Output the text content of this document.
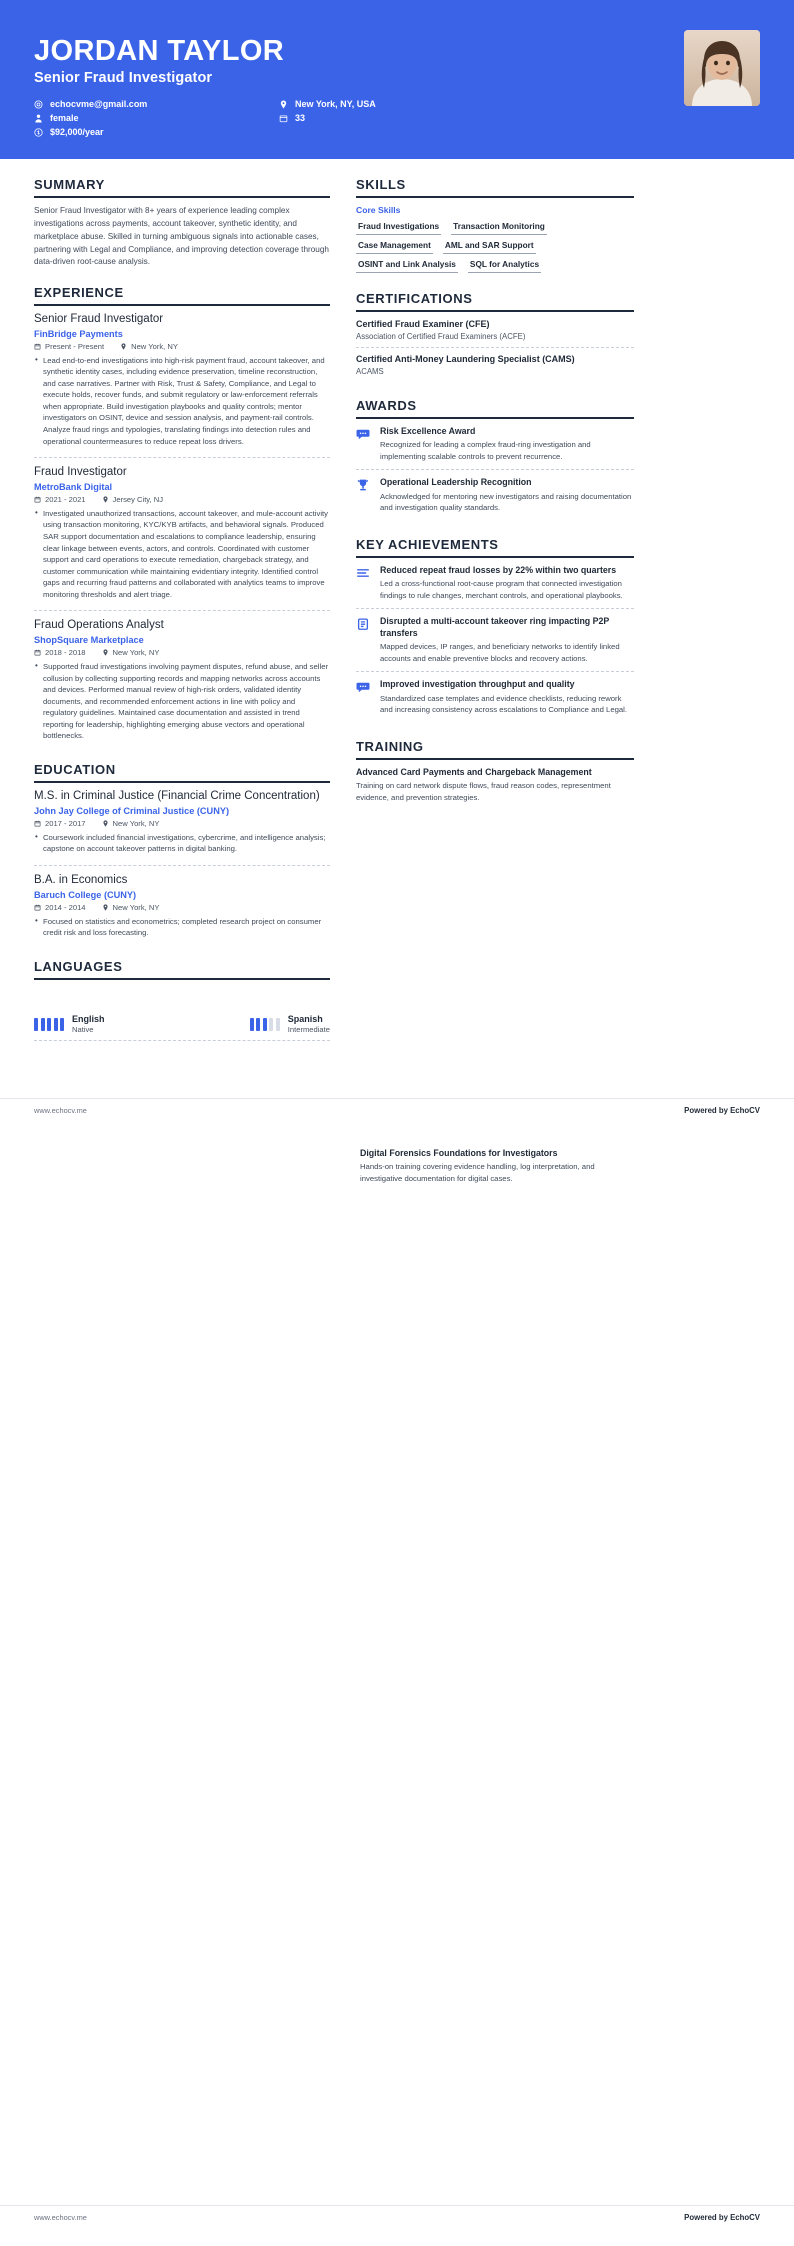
JORDAN TAYLOR
Senior Fraud Investigator
echocvme@gmail.com
female
$92,000/year
New York, NY, USA
33
SUMMARY
Senior Fraud Investigator with 8+ years of experience leading complex investigations across payments, account takeover, synthetic identity, and marketplace abuse. Skilled in turning ambiguous signals into actionable cases, partnering with Legal and Compliance, and improving detection coverage through data-driven root-cause analysis.
EXPERIENCE
Senior Fraud Investigator
FinBridge Payments
Present - Present	New York, NY
• Lead end-to-end investigations into high-risk payment fraud, account takeover, and synthetic identity cases, including evidence preservation, timeline reconstruction, and case narratives. Partner with Risk, Trust & Safety, Compliance, and Legal to execute holds, recover funds, and submit regulatory or law-enforcement referrals when appropriate. Build investigation playbooks and quality controls; mentor investigators on OSINT, device and session analysis, and payment-rail controls. Analyze fraud rings and typologies, translating findings into detection rules and operational countermeasures to reduce repeat loss drivers.
Fraud Investigator
MetroBank Digital
2021 - 2021	Jersey City, NJ
• Investigated unauthorized transactions, account takeover, and mule-account activity using transaction monitoring, KYC/KYB artifacts, and behavioral signals. Produced SAR support documentation and escalations to compliance leadership, ensuring clear linkage between events, actors, and controls. Coordinated with customer support and card operations to execute remediation, chargeback strategy, and customer communication while maintaining evidentiary integrity. Identified control gaps and recurring fraud patterns and collaborated with analytics teams to improve monitoring thresholds and alert triage.
Fraud Operations Analyst
ShopSquare Marketplace
2018 - 2018	New York, NY
• Supported fraud investigations involving payment disputes, refund abuse, and seller collusion by collecting supporting records and mapping networks across accounts and devices. Performed manual review of high-risk orders, validated identity documents, and recommended enforcement actions in line with policy and regulatory guidelines. Maintained case documentation and assisted in trend reporting for leadership, highlighting emerging abuse vectors and operational bottlenecks.
EDUCATION
M.S. in Criminal Justice (Financial Crime Concentration)
John Jay College of Criminal Justice (CUNY)
2017 - 2017	New York, NY
• Coursework included financial investigations, cybercrime, and intelligence analysis; capstone on account takeover patterns in digital banking.
B.A. in Economics
Baruch College (CUNY)
2014 - 2014	New York, NY
• Focused on statistics and econometrics; completed research project on consumer credit risk and loss forecasting.
LANGUAGES
English
Native
Spanish
Intermediate
SKILLS
Core Skills
Fraud Investigations Transaction Monitoring
Case Management AML and SAR Support
OSINT and Link Analysis SQL for Analytics
CERTIFICATIONS
Certified Fraud Examiner (CFE)
Association of Certified Fraud Examiners (ACFE)
Certified Anti-Money Laundering Specialist (CAMS)
ACAMS
AWARDS
Risk Excellence Award
Recognized for leading a complex fraud-ring investigation and implementing scalable controls to prevent recurrence.
Operational Leadership Recognition
Acknowledged for mentoring new investigators and raising documentation and investigation quality standards.
KEY ACHIEVEMENTS
Reduced repeat fraud losses by 22% within two quarters
Led a cross-functional root-cause program that connected investigation findings to rule changes, merchant controls, and operational playbooks.
Disrupted a multi-account takeover ring impacting P2P transfers
Mapped devices, IP ranges, and beneficiary networks to identify linked accounts and enable preventive blocks and recovery actions.
Improved investigation throughput and quality
Standardized case templates and evidence checklists, reducing rework and increasing consistency across escalations to Compliance and Legal.
TRAINING
Advanced Card Payments and Chargeback Management
Training on card network dispute flows, fraud reason codes, representment evidence, and prevention strategies.
Digital Forensics Foundations for Investigators
Hands-on training covering evidence handling, log interpretation, and investigative documentation for digital cases.
www.echocv.me	Powered by EchoCV
www.echocv.me	Powered by EchoCV
